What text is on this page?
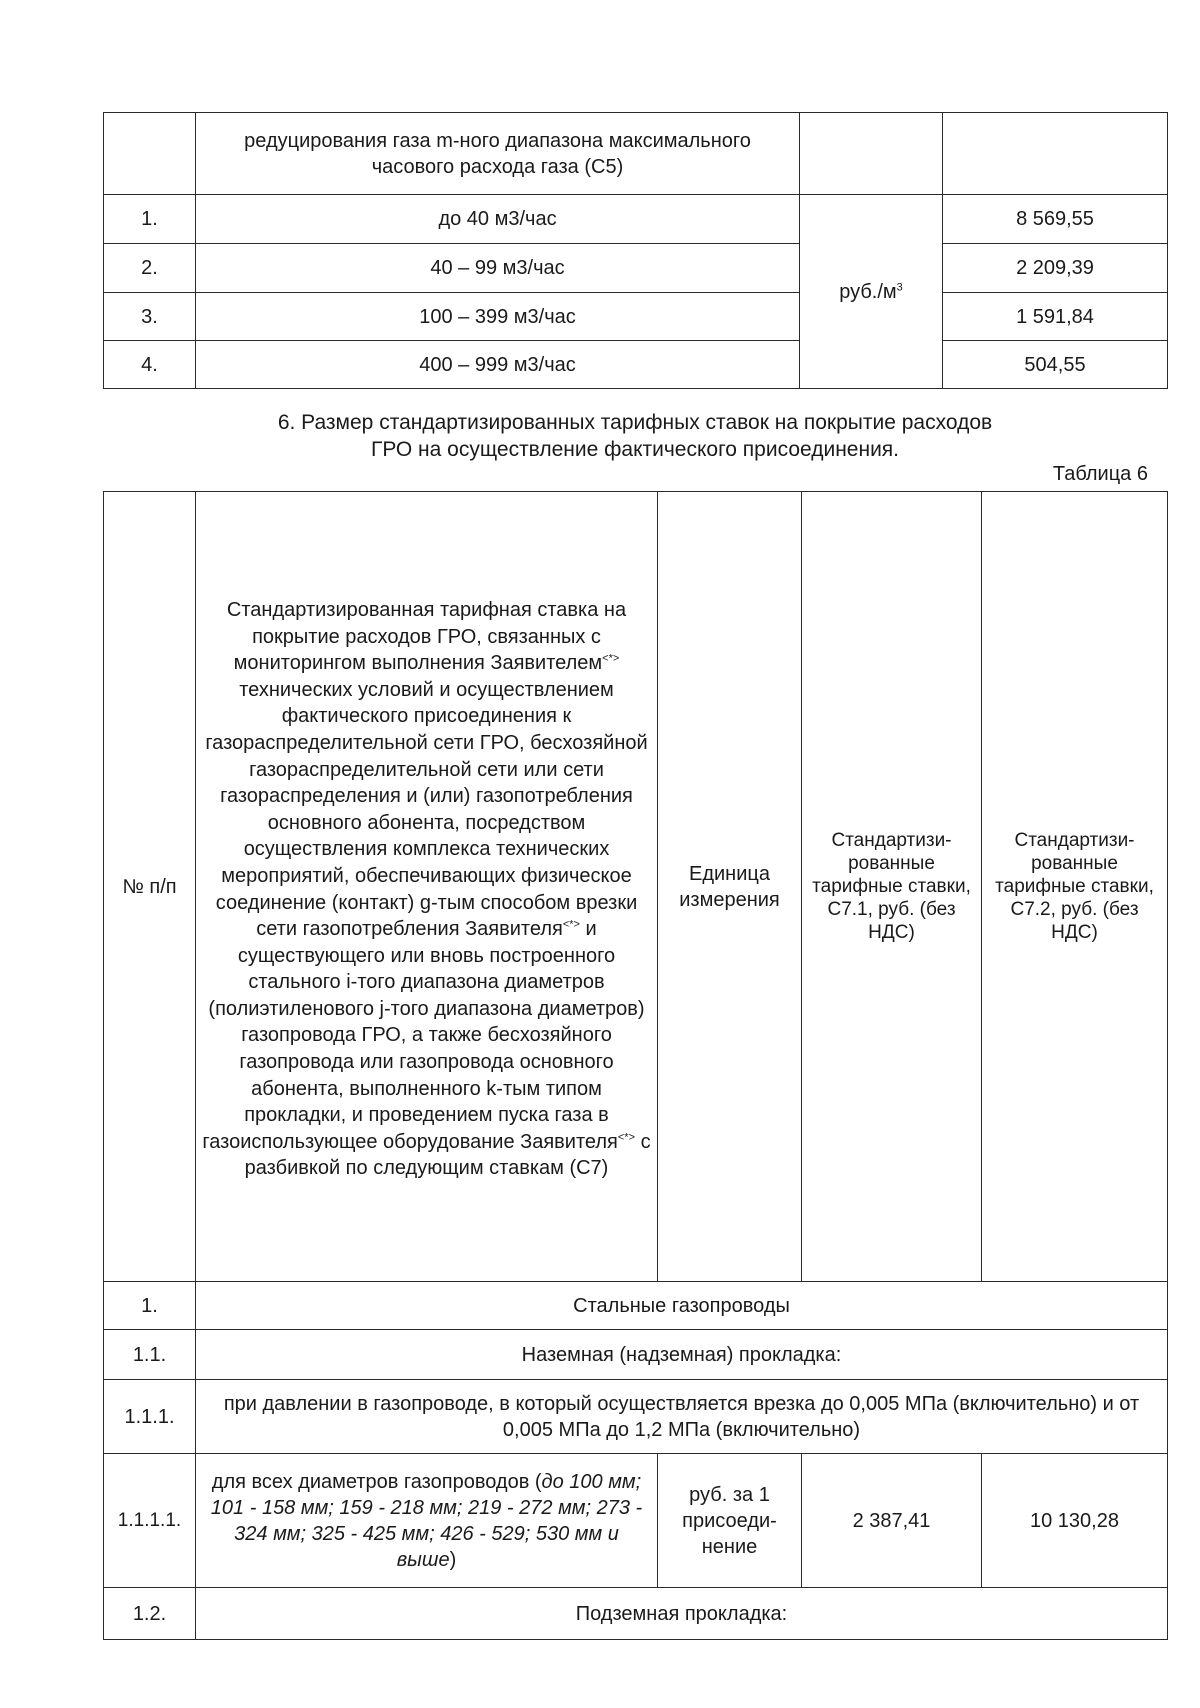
	редуцирования газа m-ного диапазона максимального часового расхода газа (С5)		
1.	до 40 м3/час	$руб./м^3$	8 569,55
2.	40 – 99 м3/час		2 209,39
3.	100 – 399 м3/час		1 591,84
4.	400 – 999 м3/час		504,55
6. Размер стандартизированных тарифных ставок на покрытие расходов
ГРО на осуществление фактического присоединения.
Таблица 6
№ п/п	Стандартизированная тарифная ставка на покрытие расходов ГРО, связанных с мониторингом выполнения Заявителем<*> технических условий и осуществлением фактического присоединения к газораспределительной сети ГРО, бесхозяйной газораспределительной сети или сети газораспределения и (или) газопотребления основного абонента, посредством осуществления комплекса технических мероприятий, обеспечивающих физическое соединение (контакт) g-тым способом врезки сети газопотребления Заявителя<*> и существующего или вновь построенного стального i-того диапазона диаметров (полиэтиленового j-того диапазона диаметров) газопровода ГРО, а также бесхозяйного газопровода или газопровода основного абонента, выполненного k-тым типом прокладки, и проведением пуска газа в газоиспользующее оборудование Заявителя<*> с разбивкой по следующим ставкам (С7)	Единица измерения	Стандартизи-рованные тарифные ставки, С7.1, руб. (без НДС)	Стандартизи-рованные тарифные ставки, С7.2, руб. (без НДС)
1.	Стальные газопроводы			
1.1.	Наземная (надземная) прокладка:			
1.1.1.	при давлении в газопроводе, в который осуществляется врезка до 0,005 МПа (включительно) и от 0,005 МПа до 1,2 МПа (включительно)			
1.1.1.1.	для всех диаметров газопроводов (до 100 мм; 101 - 158 мм; 159 - 218 мм; 219 - 272 мм; 273 - 324 мм; 325 - 425 мм; 426 - 529; 530 мм и выше)	руб. за 1 присоеди-нение	2 387,41	10 130,28
1.2.	Подземная прокладка:			
